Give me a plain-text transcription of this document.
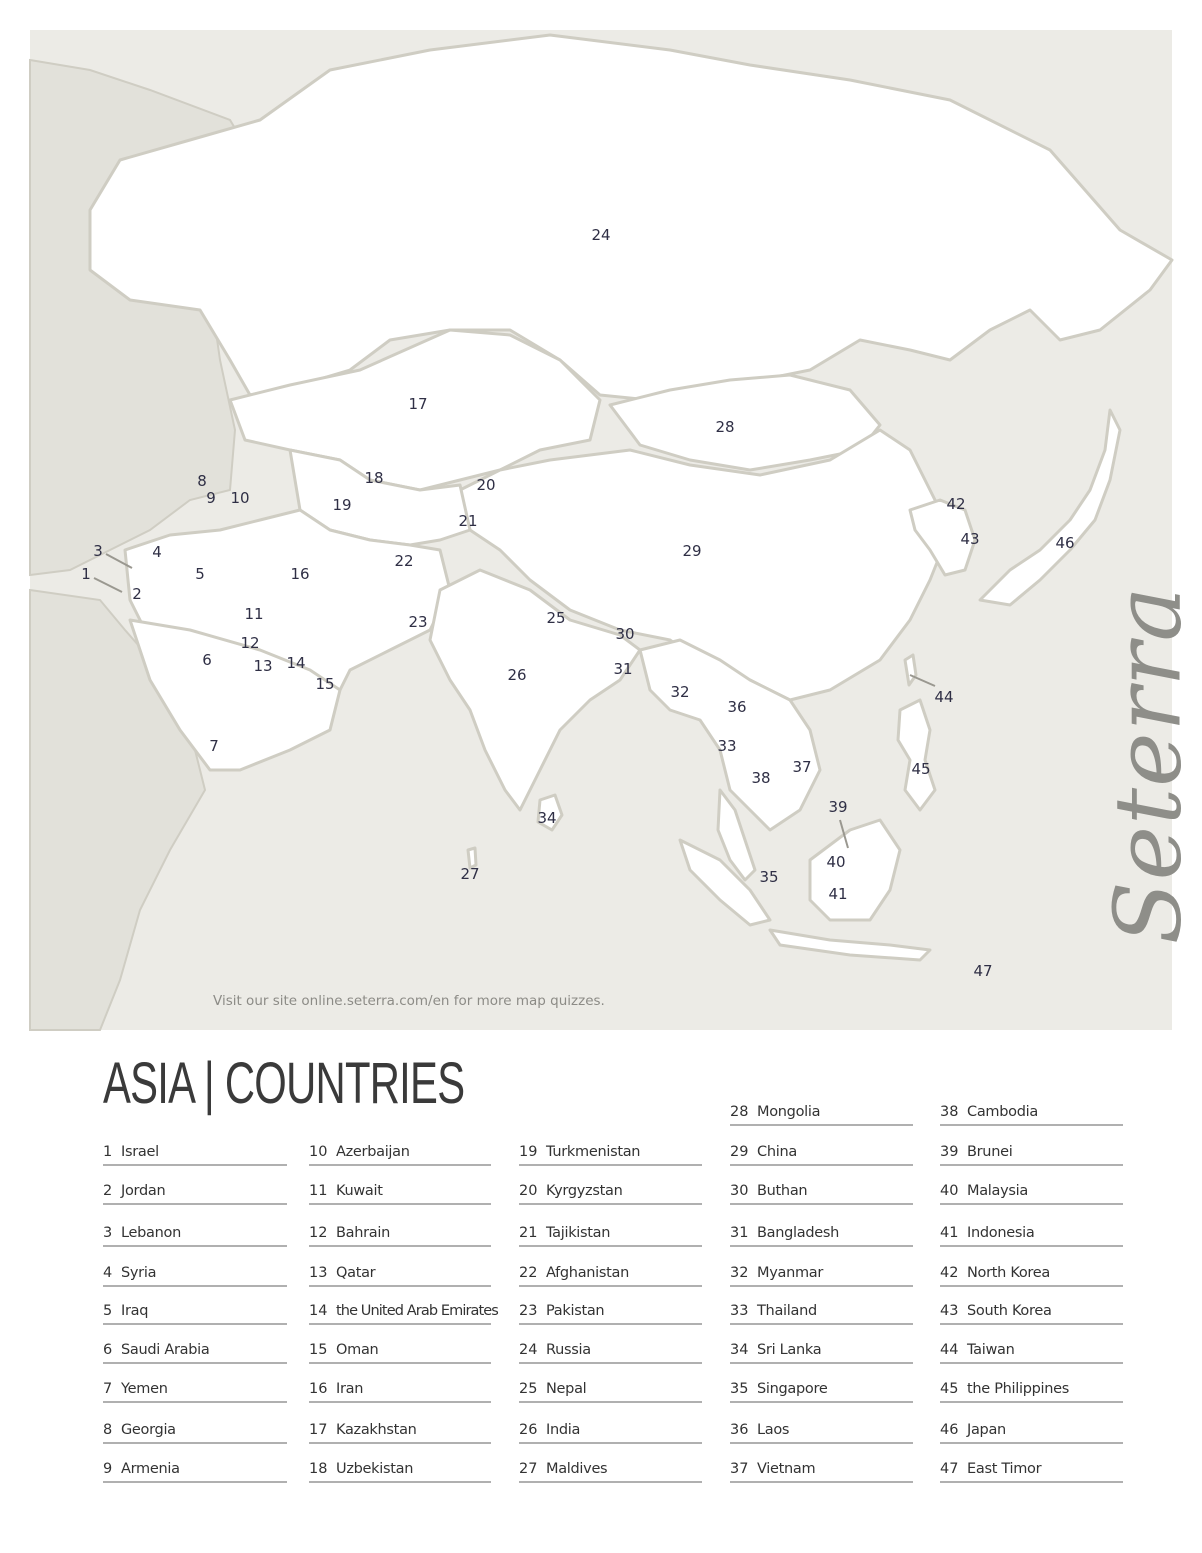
24
17
28
29
18
19
20
21
8
9 10
3	4
1
2
5	16
22
23
11
12
13 14
15
6
7
25
30
31
26
32
36
33
38
37
34
27	35
39
40
41
42
43	46
44
45
47
Visit our site online.seterra.com/en for more map quizzes.
Seterra
ASIA | COUNTRIES
1 Israel
2 Jordan
3 Lebanon
4 Syria
5 Iraq
6 Saudi Arabia
7 Yemen
8 Georgia
9 Armenia
10 Azerbaijan
11 Kuwait
12 Bahrain
13 Qatar
14 the United Arab Emirates
15 Oman
16 Iran
17 Kazakhstan
18 Uzbekistan
19 Turkmenistan
20 Kyrgyzstan
21 Tajikistan
22 Afghanistan
23 Pakistan
24 Russia
25 Nepal
26 India
27 Maldives
28 Mongolia
29 China
30 Buthan
31 Bangladesh
32 Myanmar
33 Thailand
34 Sri Lanka
35 Singapore
36 Laos
37 Vietnam
38 Cambodia
39 Brunei
40 Malaysia
41 Indonesia
42 North Korea
43 South Korea
44 Taiwan
45 the Philippines
46 Japan
47 East Timor
